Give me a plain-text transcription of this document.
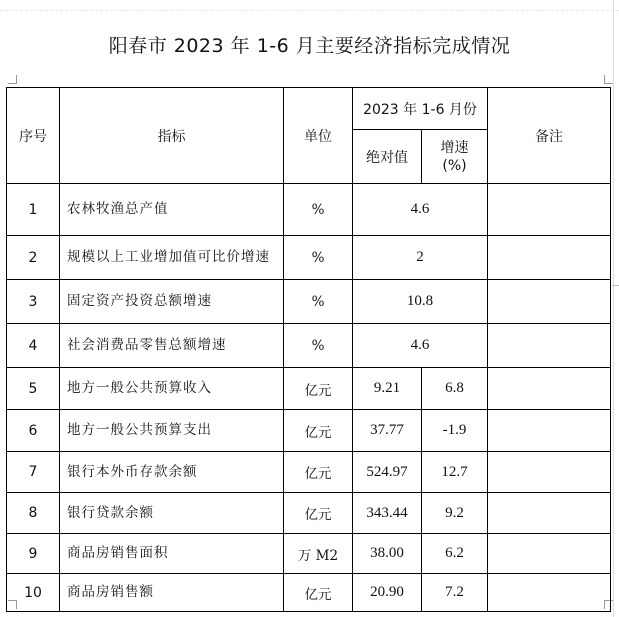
阳春市 2023 年 1-6 月主要经济指标完成情况
序号	指标	单位	2023 年 1-6 月份		备注
			绝对值	增速
(%)	

1	农林牧渔总产值	%	4.6		
2	规模以上工业增加值可比价增速	%	2		
3	固定资产投资总额增速	%	10.8		
4	社会消费品零售总额增速	%	4.6		
5	地方一般公共预算收入	亿元	9.21	6.8	
6	地方一般公共预算支出	亿元	37.77	-1.9	
7	银行本外币存款余额	亿元	524.97	12.7	
8	银行贷款余额	亿元	343.44	9.2	
9	商品房销售面积	万 M2	38.00	6.2	
10	商品房销售额	亿元	20.90	7.2	
